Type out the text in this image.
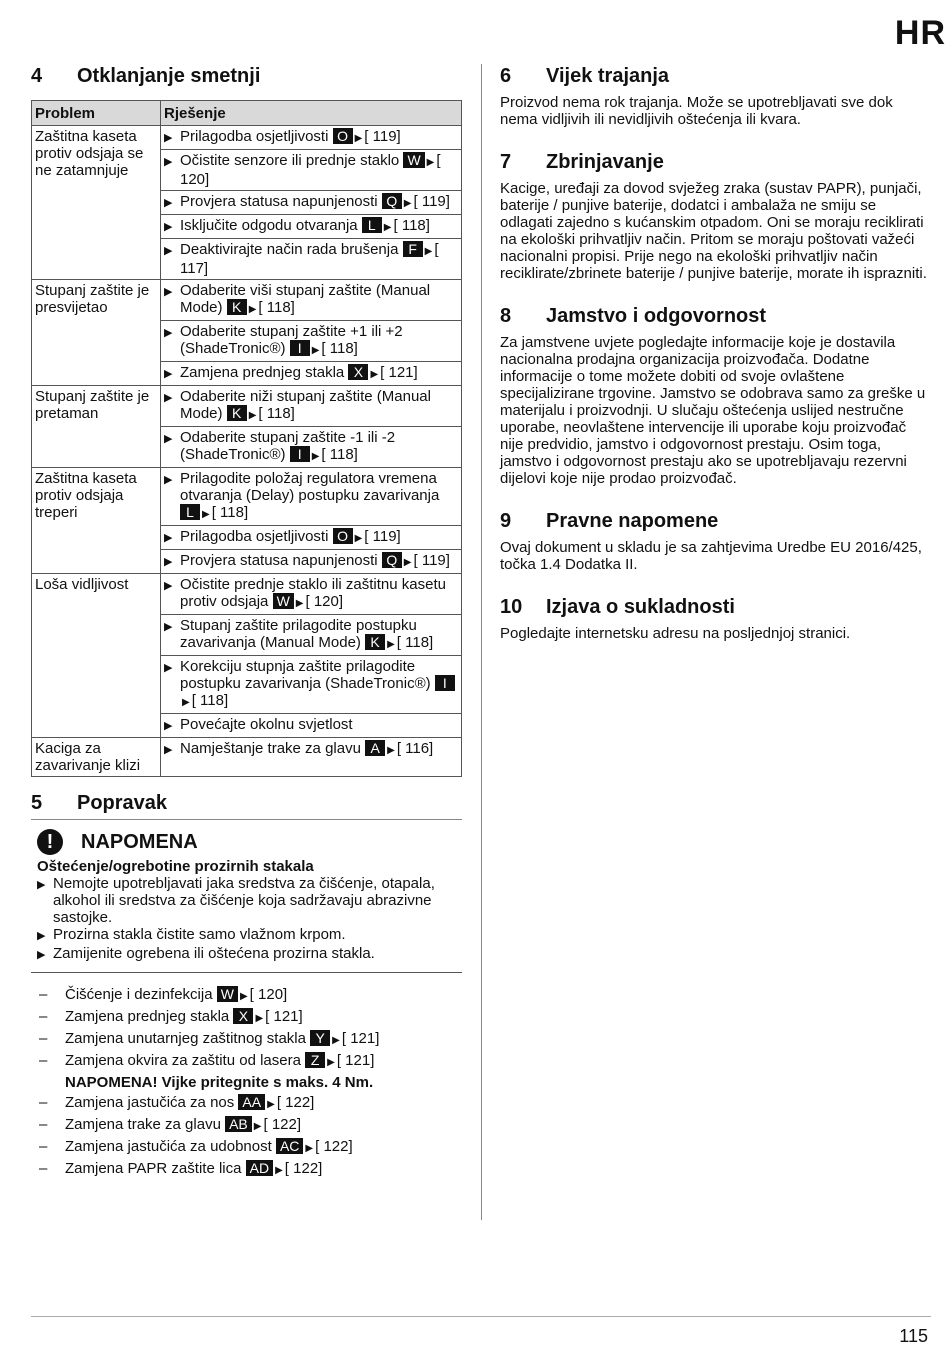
HR
4	Otklanjanje smetnji
Problem	Rješenje
Zaštitna kaseta protiv odsjaja se ne zatamnjuje	▶ Prilagodba osjetljivosti O ▶ [ 119]

	▶ Očistite senzore ili prednje staklo W ▶ [ 120]

	▶ Provjera statusa napunjenosti Q ▶ [ 119]

	▶ Isključite odgodu otvaranja L ▶ [ 118]

	▶ Deaktivirajte način rada brušenja F ▶ [ 117]

Stupanj zaštite je presvijetao	▶ Odaberite viši stupanj zaštite (Manual Mode) K ▶ [ 118]

	▶ Odaberite stupanj zaštite +1 ili +2 (ShadeTronic®) I ▶ [ 118]

	▶ Zamjena prednjeg stakla X ▶ [ 121]

Stupanj zaštite je pretaman	▶ Odaberite niži stupanj zaštite (Manual Mode) K ▶ [ 118]

	▶ Odaberite stupanj zaštite -1 ili -2 (ShadeTronic®) I ▶ [ 118]

Zaštitna kaseta protiv odsjaja treperi	▶ Prilagodite položaj regulatora vremena otvaranja (Delay) postupku zavarivanja L ▶ [ 118]

	▶ Prilagodba osjetljivosti O ▶ [ 119]

	▶ Provjera statusa napunjenosti Q ▶ [ 119]

Loša vidljivost	▶ Očistite prednje staklo ili zaštitnu kasetu protiv odsjaja W ▶ [ 120]

	▶ Stupanj zaštite prilagodite postupku zavarivanja (Manual Mode) K ▶ [ 118]

	▶ Korekciju stupnja zaštite prilagodite postupku zavarivanja (ShadeTronic®) I▶ [ 118]

	▶ Povećajte okolnu svjetlost

Kaciga za zavarivanje klizi	▶ Namještanje trake za glavu A ▶ [ 116]
5	Popravak
!	NAPOMENA
Oštećenje/ogrebotine prozirnih stakala
▶ Nemojte upotrebljavati jaka sredstva za čišćenje, otapala, alkohol ili sredstva za čišćenje koja sadržavaju abrazivne sastojke.
▶ Prozirna stakla čistite samo vlažnom krpom.
▶ Zamijenite ogrebena ili oštećena prozirna stakla.
–	Čišćenje i dezinfekcija W ▶ [ 120]
–	Zamjena prednjeg stakla X ▶ [ 121]
–	Zamjena unutarnjeg zaštitnog stakla Y ▶ [ 121]
–	Zamjena okvira za zaštitu od lasera Z ▶ [ 121]
NAPOMENA! Vijke pritegnite s maks. 4 Nm.
–	Zamjena jastučića za nos AA ▶ [ 122]
–	Zamjena trake za glavu AB ▶ [ 122]
–	Zamjena jastučića za udobnost AC ▶ [ 122]
–	Zamjena PAPR zaštite lica AD ▶ [ 122]
6	Vijek trajanja

Proizvod nema rok trajanja. Može se upotrebljavati sve dok nema vidljivih ili nevidljivih oštećenja ili kvara.

7	Zbrinjavanje

Kacige, uređaji za dovod svježeg zraka (sustav PAPR), punjači, baterije / punjive baterije, dodatci i ambalaža ne smiju se odlagati zajedno s kućanskim otpadom. Oni se moraju reciklirati na ekološki prihvatljiv način. Pritom se moraju poštovati važeći nacionalni propisi. Prije nego na ekološki prihvatljiv način reciklirate/zbrinete baterije / punjive baterije, morate ih isprazniti.

8	Jamstvo i odgovornost

Za jamstvene uvjete pogledajte informacije koje je dostavila nacionalna prodajna organizacija proizvođača. Dodatne informacije o tome možete dobiti od svoje ovlaštene specijalizirane trgovine. Jamstvo se odobrava samo za greške u materijalu i proizvodnji. U slučaju oštećenja uslijed nestručne uporabe, neovlaštene intervencije ili uporabe koju proizvođač nije predvidio, jamstvo i odgovornost prestaju. Osim toga, jamstvo i odgovornost prestaju ako se upotrebljavaju rezervni dijelovi koje nije prodao proizvođač.

9	Pravne napomene

Ovaj dokument u skladu je sa zahtjevima Uredbe EU 2016/425, točka 1.4 Dodatka II.

10	Izjava o sukladnosti

Pogledajte internetsku adresu na posljednjoj stranici.

115
